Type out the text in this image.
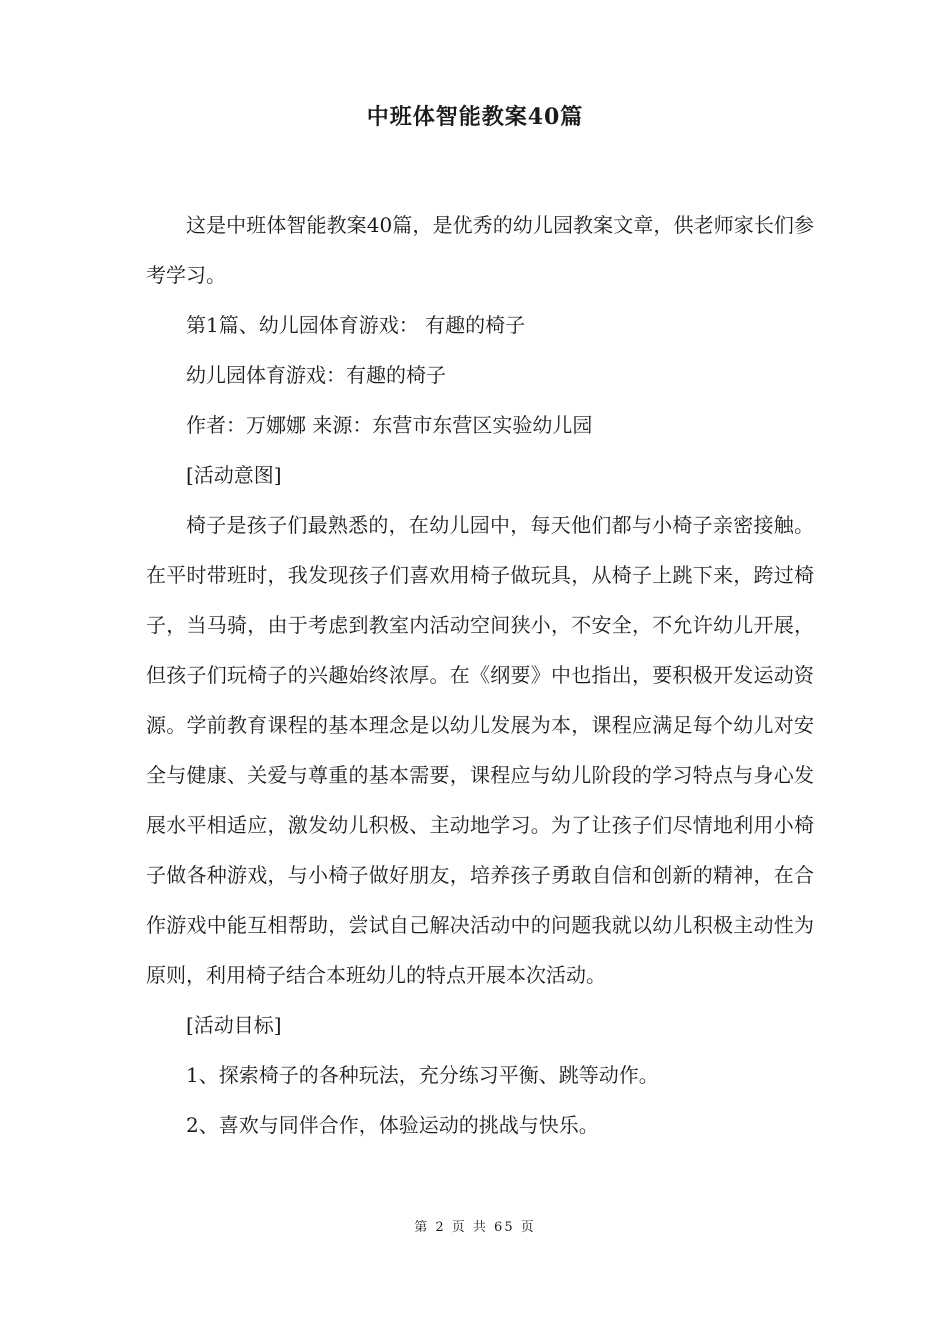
中班体智能教案40篇

这是中班体智能教案40篇，是优秀的幼儿园教案文章，供老师家长们参考学习。

第1篇、幼儿园体育游戏： 有趣的椅子

幼儿园体育游戏：有趣的椅子

作者：万娜娜 来源：东营市东营区实验幼儿园

[活动意图]

椅子是孩子们最熟悉的，在幼儿园中，每天他们都与小椅子亲密接触。在平时带班时，我发现孩子们喜欢用椅子做玩具，从椅子上跳下来，跨过椅子，当马骑，由于考虑到教室内活动空间狭小，不安全，不允许幼儿开展，但孩子们玩椅子的兴趣始终浓厚。在《纲要》中也指出，要积极开发运动资源。学前教育课程的基本理念是以幼儿发展为本，课程应满足每个幼儿对安全与健康、关爱与尊重的基本需要，课程应与幼儿阶段的学习特点与身心发展水平相适应，激发幼儿积极、主动地学习。为了让孩子们尽情地利用小椅子做各种游戏，与小椅子做好朋友，培养孩子勇敢自信和创新的精神，在合作游戏中能互相帮助，尝试自己解决活动中的问题我就以幼儿积极主动性为原则，利用椅子结合本班幼儿的特点开展本次活动。

[活动目标]

1、探索椅子的各种玩法，充分练习平衡、跳等动作。

2、喜欢与同伴合作，体验运动的挑战与快乐。

第 2 页 共 65 页
